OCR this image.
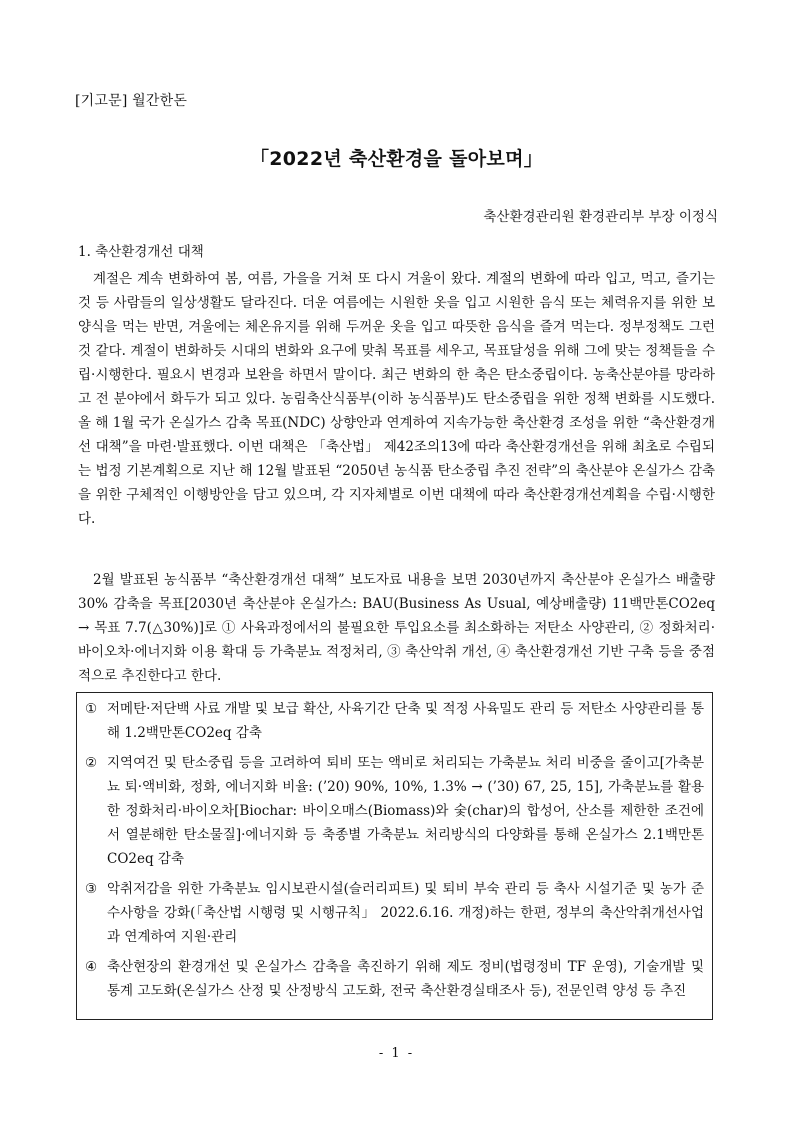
[기고문] 월간한돈
「2022년 축산환경을 돌아보며」
축산환경관리원 환경관리부 부장 이정식
1. 축산환경개선 대책
계절은 계속 변화하여 봄, 여름, 가을을 거쳐 또 다시 겨울이 왔다. 계절의 변화에 따라 입고, 먹고, 즐기는 것 등 사람들의 일상생활도 달라진다. 더운 여름에는 시원한 옷을 입고 시원한 음식 또는 체력유지를 위한 보양식을 먹는 반면, 겨울에는 체온유지를 위해 두꺼운 옷을 입고 따뜻한 음식을 즐겨 먹는다. 정부정책도 그런 것 같다. 계절이 변화하듯 시대의 변화와 요구에 맞춰 목표를 세우고, 목표달성을 위해 그에 맞는 정책들을 수립·시행한다. 필요시 변경과 보완을 하면서 말이다. 최근 변화의 한 축은 탄소중립이다. 농축산분야를 망라하고 전 분야에서 화두가 되고 있다. 농림축산식품부(이하 농식품부)도 탄소중립을 위한 정책 변화를 시도했다. 올 해 1월 국가 온실가스 감축 목표(NDC) 상향안과 연계하여 지속가능한 축산환경 조성을 위한 “축산환경개선 대책”을 마련·발표했다. 이번 대책은 「축산법」 제42조의13에 따라 축산환경개선을 위해 최초로 수립되는 법정 기본계획으로 지난 해 12월 발표된 “2050년 농식품 탄소중립 추진 전략”의 축산분야 온실가스 감축을 위한 구체적인 이행방안을 담고 있으며, 각 지자체별로 이번 대책에 따라 축산환경개선계획을 수립·시행한다.
2월 발표된 농식품부 “축산환경개선 대책” 보도자료 내용을 보면 2030년까지 축산분야 온실가스 배출량 30% 감축을 목표[2030년 축산분야 온실가스: BAU(Business As Usual, 예상배출량) 11백만톤CO2eq → 목표 7.7(△30%)]로 ① 사육과정에서의 불필요한 투입요소를 최소화하는 저탄소 사양관리, ② 정화처리·바이오차·에너지화 이용 확대 등 가축분뇨 적정처리, ③ 축산악취 개선, ④ 축산환경개선 기반 구축 등을 중점적으로 추진한다고 한다.
① 저메탄·저단백 사료 개발 및 보급 확산, 사육기간 단축 및 적정 사육밀도 관리 등 저탄소 사양관리를 통해 1.2백만톤CO2eq 감축
② 지역여건 및 탄소중립 등을 고려하여 퇴비 또는 액비로 처리되는 가축분뇨 처리 비중을 줄이고[가축분뇨 퇴·액비화, 정화, 에너지화 비율: (’20) 90%, 10%, 1.3% → (’30) 67, 25, 15], 가축분뇨를 활용한 정화처리·바이오차[Biochar: 바이오매스(Biomass)와 숯(char)의 합성어, 산소를 제한한 조건에서 열분해한 탄소물질]·에너지화 등 축종별 가축분뇨 처리방식의 다양화를 통해 온실가스 2.1백만톤CO2eq 감축
③ 악취저감을 위한 가축분뇨 임시보관시설(슬러리피트) 및 퇴비 부숙 관리 등 축사 시설기준 및 농가 준수사항을 강화(「축산법 시행령 및 시행규칙」 2022.6.16. 개정)하는 한편, 정부의 축산악취개선사업과 연계하여 지원·관리
④ 축산현장의 환경개선 및 온실가스 감축을 촉진하기 위해 제도 정비(법령정비 TF 운영), 기술개발 및 통계 고도화(온실가스 산정 및 산정방식 고도화, 전국 축산환경실태조사 등), 전문인력 양성 등 추진
- 1 -
